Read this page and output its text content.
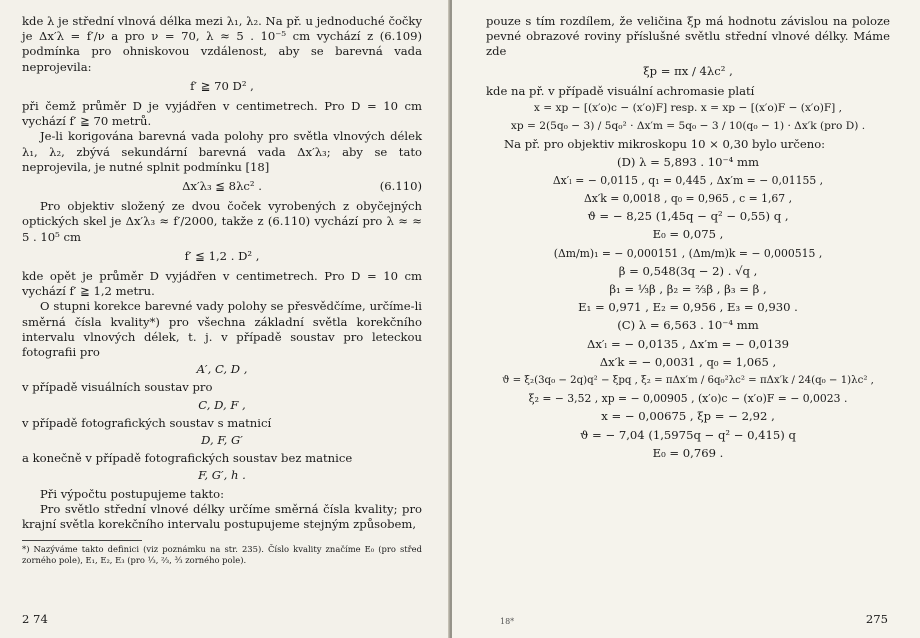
kde λ je střední vlnová délka mezi λ₁, λ₂. Na př. u jednoduché čočky je Δx′λ = f′/ν a pro ν = 70, λ ≈ 5 . 10⁻⁵ cm vychází z (6.109) podmínka pro ohniskovou vzdálenost, aby se barevná vada neprojevila:

f′ ≧ 70 D² ,

při čemž průměr D je vyjádřen v centimetrech. Pro D = 10 cm vychází f′ ≧ 70 metrů.

Je-li korigována barevná vada polohy pro světla vlnových délek λ₁, λ₂, zbývá sekundární barevná vada Δx′λ₃; aby se tato neprojevila, je nutné splnit podmínku [18]

Δx′λ₃ ≦ 8λc² .	(6.110)

Pro objektiv složený ze dvou čoček vyrobených z obyčejných optických skel je Δx′λ₃ ≈ f′/2000, takže z (6.110) vychází pro λ ≈ ≈ 5 . 10⁵ cm

f′ ≦ 1,2 . D² ,

kde opět je průměr D vyjádřen v centimetrech. Pro D = 10 cm vychází f′ ≧ 1,2 metru.

O stupni korekce barevné vady polohy se přesvědčíme, určíme-li směrná čísla kvality*) pro všechna základní světla korekčního intervalu vlnových délek, t. j. v případě soustav pro leteckou fotografii pro

A′, C, D ,

v případě visuálních soustav pro

C, D, F ,

v případě fotografických soustav s matnicí

D, F, G′

a konečně v případě fotografických soustav bez matnice

F, G′, h .

Při výpočtu postupujeme takto:

Pro světlo střední vlnové délky určíme směrná čísla kvality; pro krajní světla korekčního intervalu postupujeme stejným způsobem,

*) Nazýváme takto definici (viz poznámku na str. 235). Číslo kvality značíme E₀ (pro střed zorného pole), E₁, E₂, E₃ (pro ⅓, ⅔, ³⁄₃ zorného pole).

2 74

pouze s tím rozdílem, že veličina ξp má hodnotu závislou na poloze pevné obrazové roviny příslušné světlu střední vlnové délky. Máme zde

ξp = πx / 4λc² ,

kde na př. v případě visuální achromasie platí

x = xp − [(x′o)c − (x′o)F] resp. x = xp − [(x′o)F − (x′o)F] ,
xp = 2(5q₀ − 3) / 5q₀² · Δx′m = 5q₀ − 3 / 10(q₀ − 1) · Δx′k (pro D) .

Na př. pro objektiv mikroskopu 10 × 0,30 bylo určeno:

(D) λ = 5,893 . 10⁻⁴ mm
Δx′ₗ = − 0,0115 , q₁ = 0,445 , Δx′m = − 0,01155 ,
Δx′k = 0,0018 , q₀ = 0,965 , c = 1,67 ,
ϑ = − 8,25 (1,45q − q² − 0,55) q ,
E₀ = 0,075 ,
(Δm/m)₁ = − 0,000151 , (Δm/m)k = − 0,000515 ,
β = 0,548(3q − 2) . √q ,
β₁ = ⅓β , β₂ = ⅔β , β₃ = β ,
E₁ = 0,971 , E₂ = 0,956 , E₃ = 0,930 .
(C) λ = 6,563 . 10⁻⁴ mm
Δx′ₗ = − 0,0135 , Δx′m = − 0,0139
Δx′k = − 0,0031 , q₀ = 1,065 ,
ϑ = ξ₂(3q₀ − 2q)q² − ξpq , ξ₂ = πΔx′m / 6q₀²λc² = πΔx′k / 24(q₀ − 1)λc² ,
ξ₂ = − 3,52 , xp = − 0,00905 , (x′o)c − (x′o)F = − 0,0023 .
x = − 0,00675 , ξp = − 2,92 ,
ϑ = − 7,04 (1,5975q − q² − 0,415) q
E₀ = 0,769 .
18*	275
